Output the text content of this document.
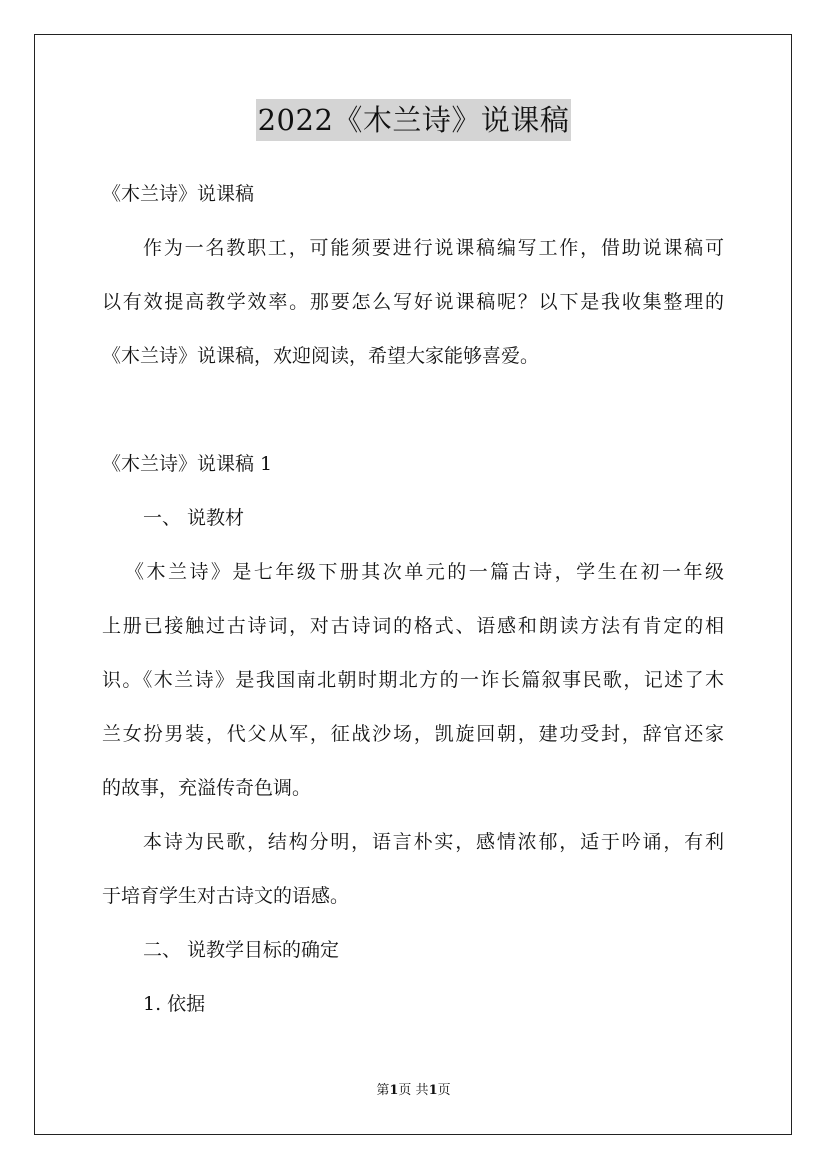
2022《木兰诗》说课稿
《木兰诗》说课稿
作为一名教职工，可能须要进行说课稿编写工作，借助说课稿可
以有效提高教学效率。那要怎么写好说课稿呢？以下是我收集整理的
《木兰诗》说课稿，欢迎阅读，希望大家能够喜爱。
《木兰诗》说课稿 1
一、 说教材
《木兰诗》是七年级下册其次单元的一篇古诗，学生在初一年级
上册已接触过古诗词，对古诗词的格式、语感和朗读方法有肯定的相
识。《木兰诗》是我国南北朝时期北方的一诈长篇叙事民歌，记述了木
兰女扮男装，代父从军，征战沙场，凯旋回朝，建功受封，辞官还家
的故事，充溢传奇色调。
本诗为民歌，结构分明，语言朴实，感情浓郁，适于吟诵，有利
于培育学生对古诗文的语感。
二、 说教学目标的确定
1. 依据
第1页 共1页
